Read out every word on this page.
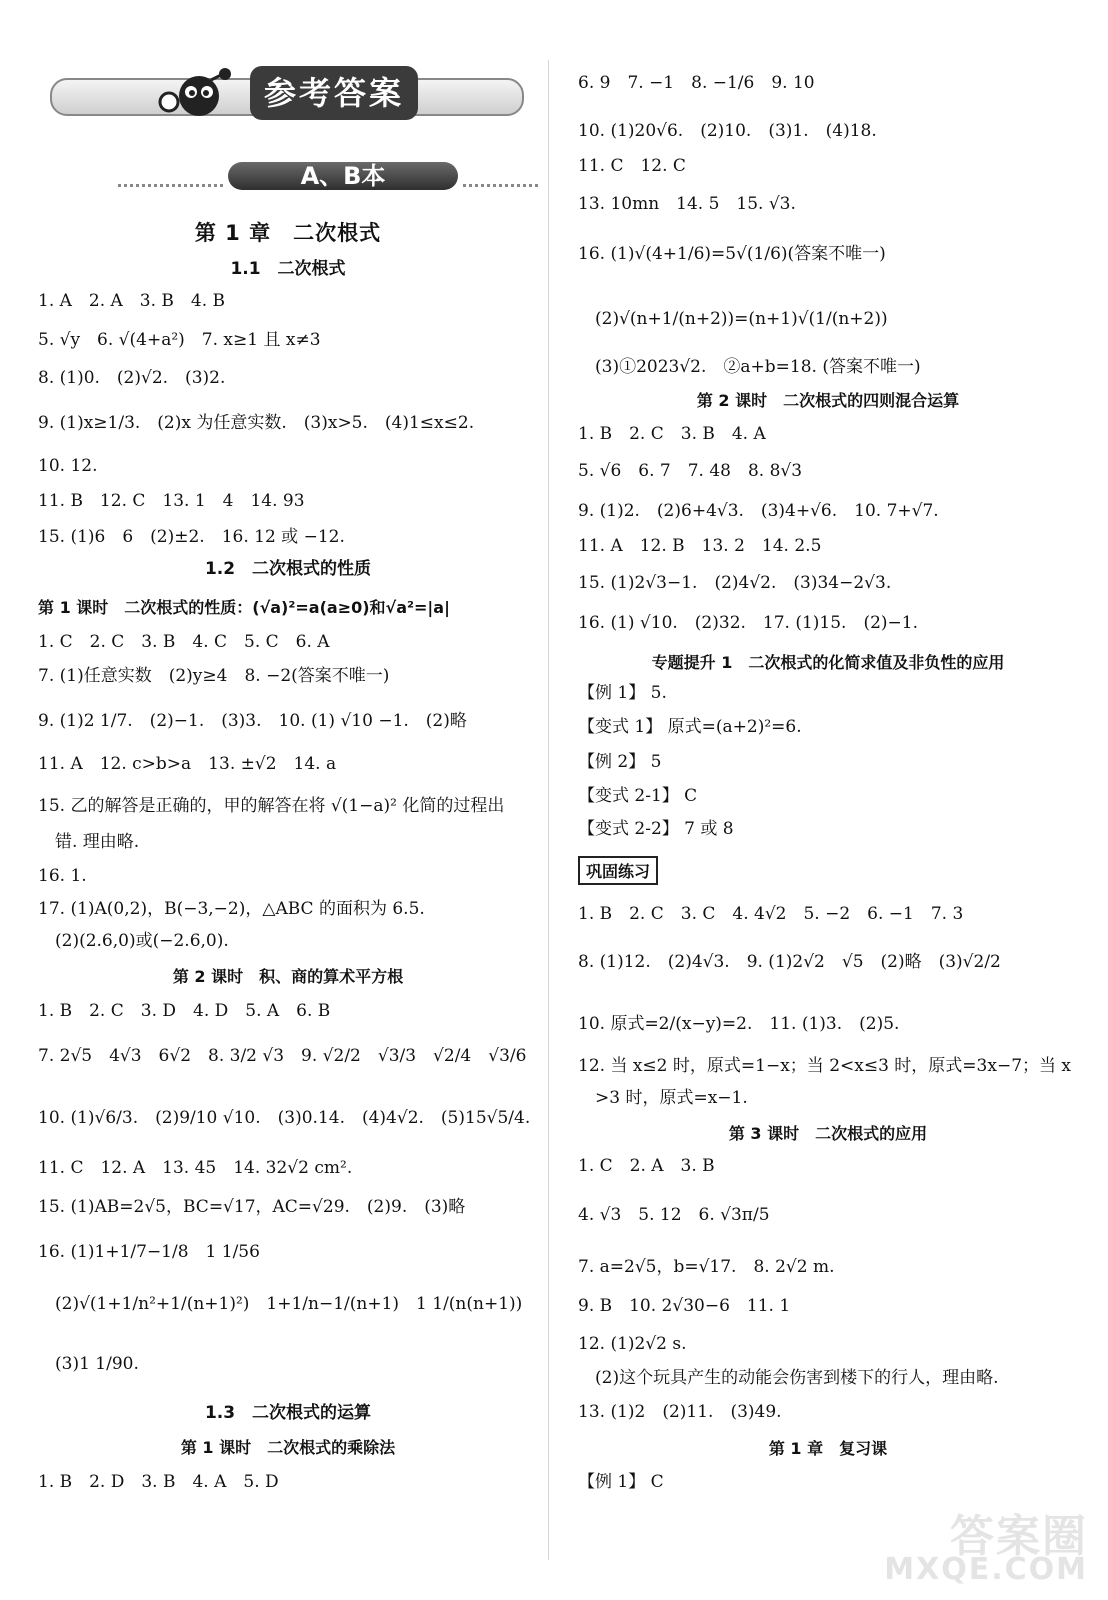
参考答案
A、B本
第 1 章　二次根式
1.1　二次根式
1. A　2. A　3. B　4. B
5. √y　6. √(4+a²)　7. x≥1 且 x≠3
8. (1)0.　(2)√2.　(3)2.
9. (1)x≥1/3.　(2)x 为任意实数.　(3)x>5.　(4)1≤x≤2.
10. 12.
11. B　12. C　13. 1　4　14. 93
15. (1)6　6　(2)±2.　16. 12 或 −12.
1.2　二次根式的性质
第 1 课时　二次根式的性质：(√a)²=a(a≥0)和√a²=|a|
1. C　2. C　3. B　4. C　5. C　6. A
7. (1)任意实数　(2)y≥4　8. −2(答案不唯一)
9. (1)2 1/7.　(2)−1.　(3)3.　10. (1) √10 −1.　(2)略
11. A　12. c>b>a　13. ±√2　14. a
15. 乙的解答是正确的，甲的解答在将 √(1−a)² 化简的过程出
　错. 理由略.
16. 1.
17. (1)A(0,2)，B(−3,−2)，△ABC 的面积为 6.5.
　(2)(2.6,0)或(−2.6,0).
第 2 课时　积、商的算术平方根
1. B　2. C　3. D　4. D　5. A　6. B
7. 2√5　4√3　6√2　8. 3/2 √3　9. √2/2　√3/3　√2/4　√3/6
10. (1)√6/3.　(2)9/10 √10.　(3)0.14.　(4)4√2.　(5)15√5/4.
11. C　12. A　13. 45　14. 32√2 cm².
15. (1)AB=2√5，BC=√17，AC=√29.　(2)9.　(3)略
16. (1)1+1/7−1/8　1 1/56
　(2)√(1+1/n²+1/(n+1)²)　1+1/n−1/(n+1)　1 1/(n(n+1))
　(3)1 1/90.
1.3　二次根式的运算
第 1 课时　二次根式的乘除法
1. B　2. D　3. B　4. A　5. D
巩固练习
6. 9　7. −1　8. −1/6　9. 10
10. (1)20√6.　(2)10.　(3)1.　(4)18.
11. C　12. C
13. 10mn　14. 5　15. √3.
16. (1)√(4+1/6)=5√(1/6)(答案不唯一)
　(2)√(n+1/(n+2))=(n+1)√(1/(n+2))
　(3)①2023√2.　②a+b=18. (答案不唯一)
第 2 课时　二次根式的四则混合运算
1. B　2. C　3. B　4. A
5. √6　6. 7　7. 48　8. 8√3
9. (1)2.　(2)6+4√3.　(3)4+√6.　10. 7+√7.
11. A　12. B　13. 2　14. 2.5
15. (1)2√3−1.　(2)4√2.　(3)34−2√3.
16. (1) √10.　(2)32.　17. (1)15.　(2)−1.
专题提升 1　二次根式的化简求值及非负性的应用
【例 1】 5.
【变式 1】 原式=(a+2)²=6.
【例 2】 5
【变式 2-1】 C
【变式 2-2】 7 或 8
1. B　2. C　3. C　4. 4√2　5. −2　6. −1　7. 3
8. (1)12.　(2)4√3.　9. (1)2√2　√5　(2)略　(3)√2/2
10. 原式=2/(x−y)=2.　11. (1)3.　(2)5.
12. 当 x≤2 时，原式=1−x；当 2<x≤3 时，原式=3x−7；当 x
　>3 时，原式=x−1.
第 3 课时　二次根式的应用
1. C　2. A　3. B
4. √3　5. 12　6. √3π/5
7. a=2√5，b=√17.　8. 2√2 m.
9. B　10. 2√30−6　11. 1
12. (1)2√2 s.
　(2)这个玩具产生的动能会伤害到楼下的行人，理由略.
13. (1)2　(2)11.　(3)49.
第 1 章　复习课
【例 1】 C
答案圈
MXQE.COM
